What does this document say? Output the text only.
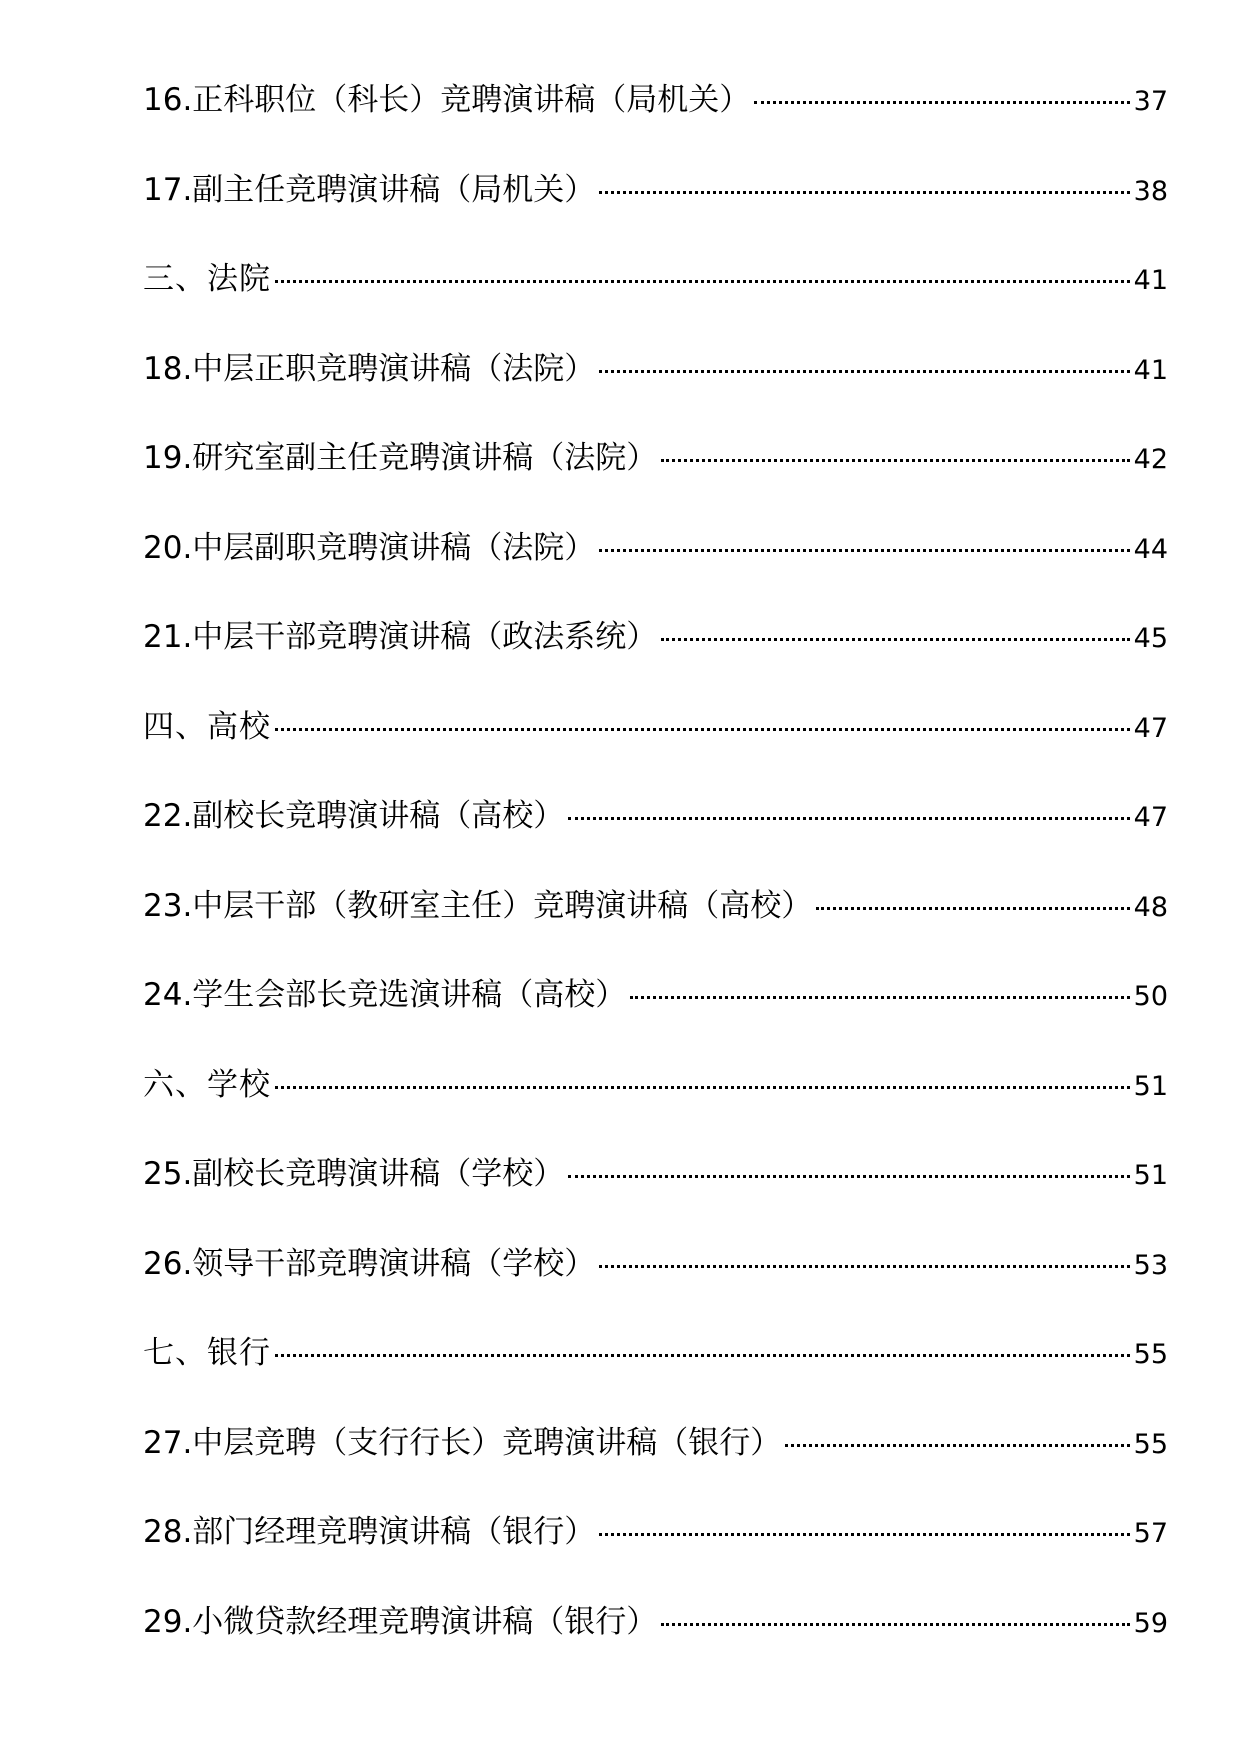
16.正科职位（科长）竞聘演讲稿（局机关）	37
17.副主任竞聘演讲稿（局机关）	38
三、法院	41
18.中层正职竞聘演讲稿（法院）	41
19.研究室副主任竞聘演讲稿（法院）	42
20.中层副职竞聘演讲稿（法院）	44
21.中层干部竞聘演讲稿（政法系统）	45
四、高校	47
22.副校长竞聘演讲稿（高校）	47
23.中层干部（教研室主任）竞聘演讲稿（高校）	48
24.学生会部长竞选演讲稿（高校）	50
六、学校	51
25.副校长竞聘演讲稿（学校）	51
26.领导干部竞聘演讲稿（学校）	53
七、银行	55
27.中层竞聘（支行行长）竞聘演讲稿（银行）	55
28.部门经理竞聘演讲稿（银行）	57
29.小微贷款经理竞聘演讲稿（银行）	59
